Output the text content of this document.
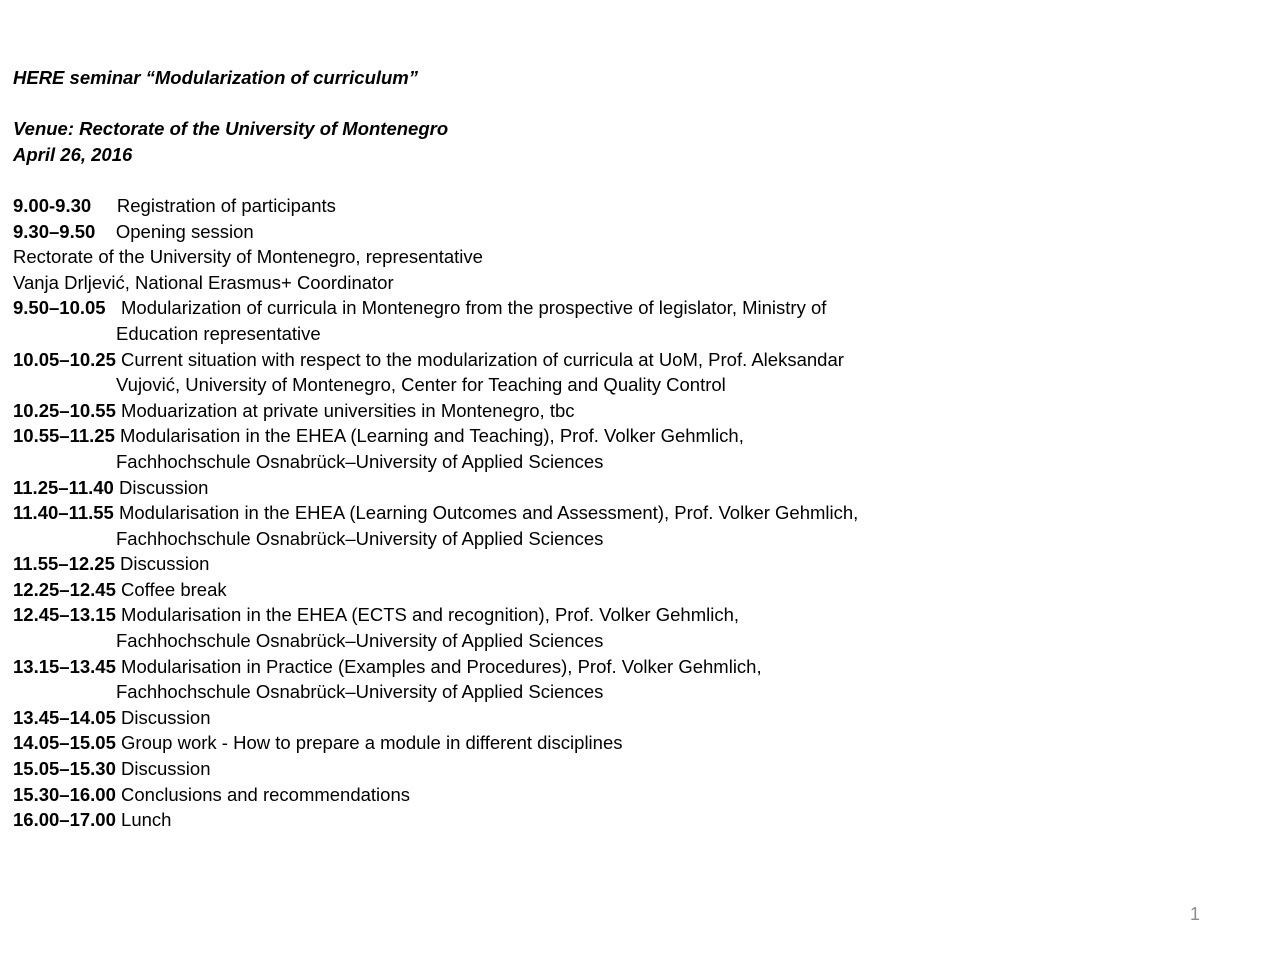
HERE seminar “Modularization of curriculum”
Venue: Rectorate of the University of Montenegro
April 26, 2016
9.00-9.30 Registration of participants
9.30–9.50 Opening session
Rectorate of the University of Montenegro, representative
Vanja Drljević, National Erasmus+ Coordinator
9.50–10.05 Modularization of curricula in Montenegro from the prospective of legislator, Ministry of
Education representative
10.05–10.25 Current situation with respect to the modularization of curricula at UoM, Prof. Aleksandar
Vujović, University of Montenegro, Center for Teaching and Quality Control
10.25–10.55 Moduarization at private universities in Montenegro, tbc
10.55–11.25 Modularisation in the EHEA (Learning and Teaching), Prof. Volker Gehmlich,
Fachhochschule Osnabrück–University of Applied Sciences
11.25–11.40 Discussion
11.40–11.55 Modularisation in the EHEA (Learning Outcomes and Assessment), Prof. Volker Gehmlich,
Fachhochschule Osnabrück–University of Applied Sciences
11.55–12.25 Discussion
12.25–12.45 Coffee break
12.45–13.15 Modularisation in the EHEA (ECTS and recognition), Prof. Volker Gehmlich,
Fachhochschule Osnabrück–University of Applied Sciences
13.15–13.45 Modularisation in Practice (Examples and Procedures), Prof. Volker Gehmlich,
Fachhochschule Osnabrück–University of Applied Sciences
13.45–14.05 Discussion
14.05–15.05 Group work - How to prepare a module in different disciplines
15.05–15.30 Discussion
15.30–16.00 Conclusions and recommendations
16.00–17.00 Lunch
1
